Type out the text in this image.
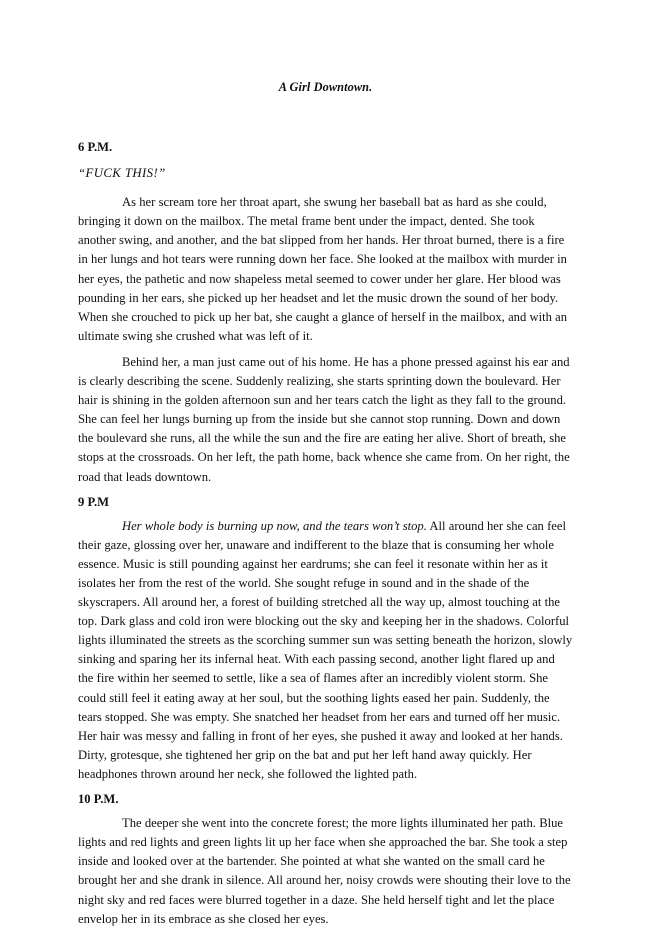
A Girl Downtown.
6 P.M.
“FUCK THIS!”

As her scream tore her throat apart, she swung her baseball bat as hard as she could, bringing it down on the mailbox. The metal frame bent under the impact, dented. She took another swing, and another, and the bat slipped from her hands. Her throat burned, there is a fire in her lungs and hot tears were running down her face. She looked at the mailbox with murder in her eyes, the pathetic and now shapeless metal seemed to cower under her glare. Her blood was pounding in her ears, she picked up her headset and let the music drown the sound of her body. When she crouched to pick up her bat, she caught a glance of herself in the mailbox, and with an ultimate swing she crushed what was left of it.

Behind her, a man just came out of his home. He has a phone pressed against his ear and is clearly describing the scene. Suddenly realizing, she starts sprinting down the boulevard. Her hair is shining in the golden afternoon sun and her tears catch the light as they fall to the ground. She can feel her lungs burning up from the inside but she cannot stop running. Down and down the boulevard she runs, all the while the sun and the fire are eating her alive. Short of breath, she stops at the crossroads. On her left, the path home, back whence she came from. On her right, the road that leads downtown.

9 P.M

Her whole body is burning up now, and the tears won’t stop. All around her she can feel their gaze, glossing over her, unaware and indifferent to the blaze that is consuming her whole essence. Music is still pounding against her eardrums; she can feel it resonate within her as it isolates her from the rest of the world. She sought refuge in sound and in the shade of the skyscrapers. All around her, a forest of building stretched all the way up, almost touching at the top. Dark glass and cold iron were blocking out the sky and keeping her in the shadows. Colorful lights illuminated the streets as the scorching summer sun was setting beneath the horizon, slowly sinking and sparing her its infernal heat. With each passing second, another light flared up and the fire within her seemed to settle, like a sea of flames after an incredibly violent storm. She could still feel it eating away at her soul, but the soothing lights eased her pain. Suddenly, the tears stopped. She was empty. She snatched her headset from her ears and turned off her music. Her hair was messy and falling in front of her eyes, she pushed it away and looked at her hands. Dirty, grotesque, she tightened her grip on the bat and put her left hand away quickly. Her headphones thrown around her neck, she followed the lighted path.

10 P.M.

The deeper she went into the concrete forest; the more lights illuminated her path. Blue lights and red lights and green lights lit up her face when she approached the bar. She took a step inside and looked over at the bartender. She pointed at what she wanted on the small card he brought her and she drank in silence. All around her, noisy crowds were shouting their love to the night sky and red faces were blurred together in a daze. She held herself tight and let the place envelop her in its embrace as she closed her eyes.
